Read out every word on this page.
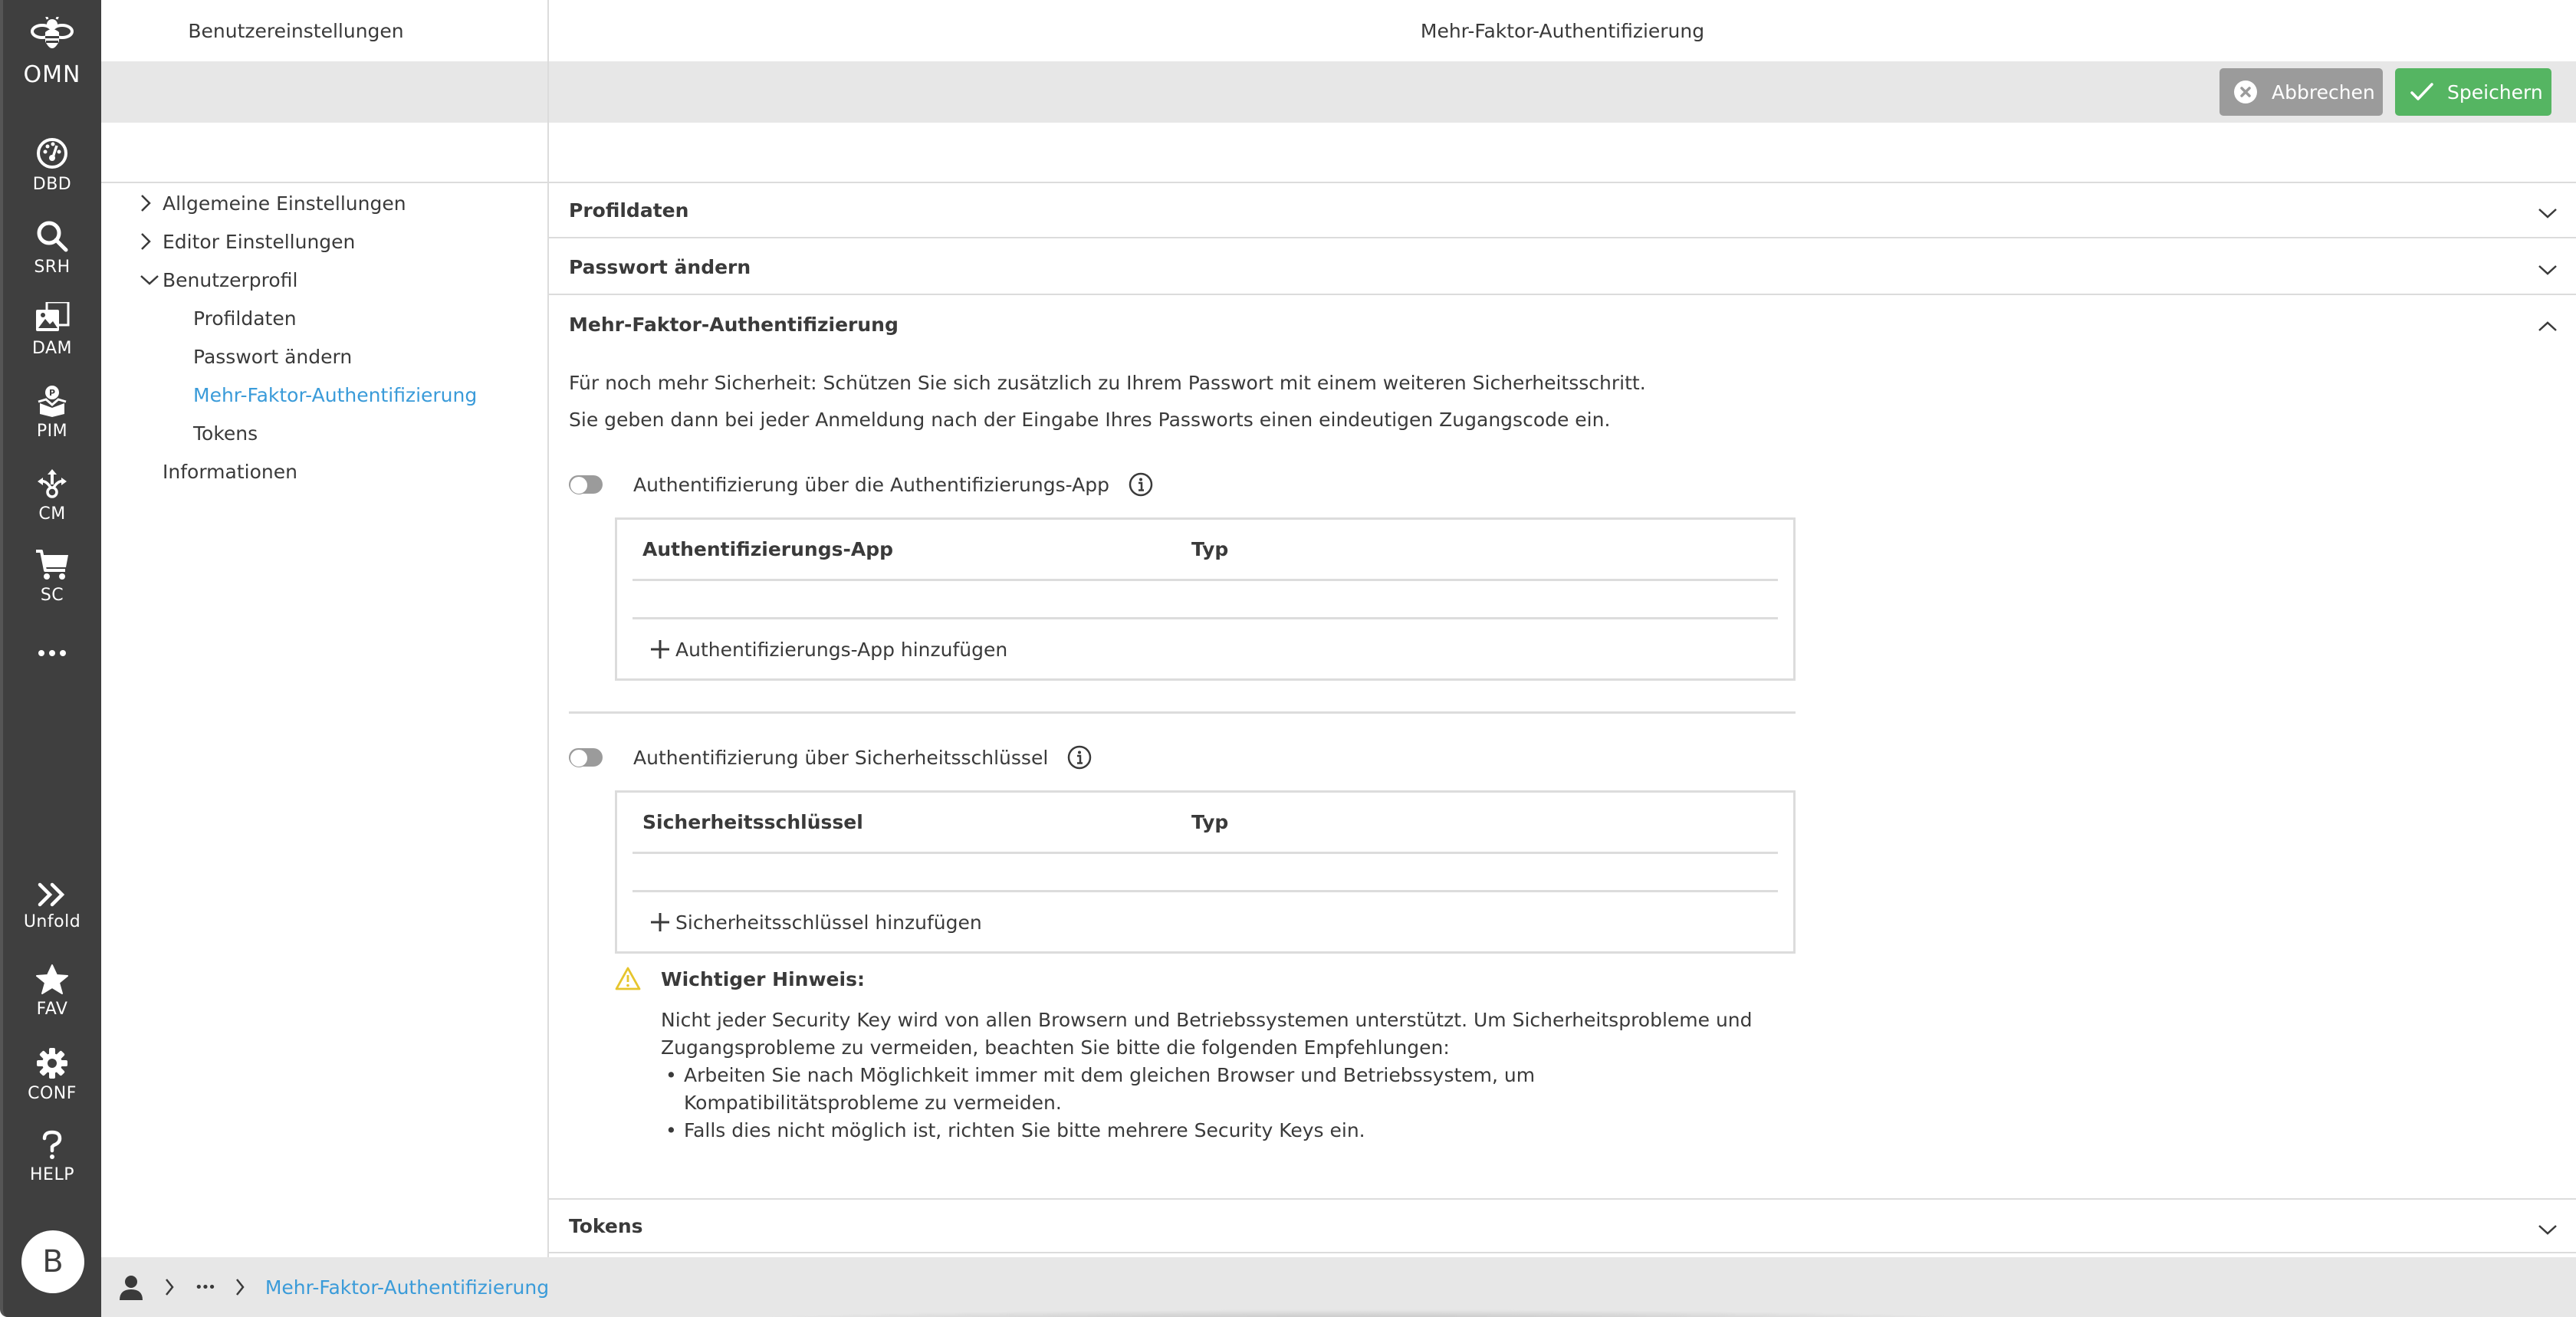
OMN
DBD
SRH
DAM
P
PIM
CM
SC
Unfold
FAV
CONF
HELP
B
Benutzereinstellungen	Mehr-Faktor-Authentifizierung
Abbrechen	Speichern
Allgemeine Einstellungen
Editor Einstellungen
Benutzerprofil
Profildaten
Passwort ändern
Mehr-Faktor-Authentifizierung
Tokens
Informationen
Profildaten
Passwort ändern
Mehr-Faktor-Authentifizierung
Für noch mehr Sicherheit: Schützen Sie sich zusätzlich zu Ihrem Passwort mit einem weiteren Sicherheitsschritt.
Sie geben dann bei jeder Anmeldung nach der Eingabe Ihres Passworts einen eindeutigen Zugangscode ein.
Authentifizierung über die Authentifizierungs-App
Authentifizierungs-App	Typ
Authentifizierungs-App hinzufügen
Authentifizierung über Sicherheitsschlüssel
Sicherheitsschlüssel	Typ
Sicherheitsschlüssel hinzufügen
Wichtiger Hinweis:
Nicht jeder Security Key wird von allen Browsern und Betriebssystemen unterstützt. Um Sicherheitsprobleme und
Zugangsprobleme zu vermeiden, beachten Sie bitte die folgenden Empfehlungen:
• Arbeiten Sie nach Möglichkeit immer mit dem gleichen Browser und Betriebssystem, um Kompatibilitätsprobleme zu vermeiden.
• Falls dies nicht möglich ist, richten Sie bitte mehrere Security Keys ein.
Tokens
•••	Mehr-Faktor-Authentifizierung
